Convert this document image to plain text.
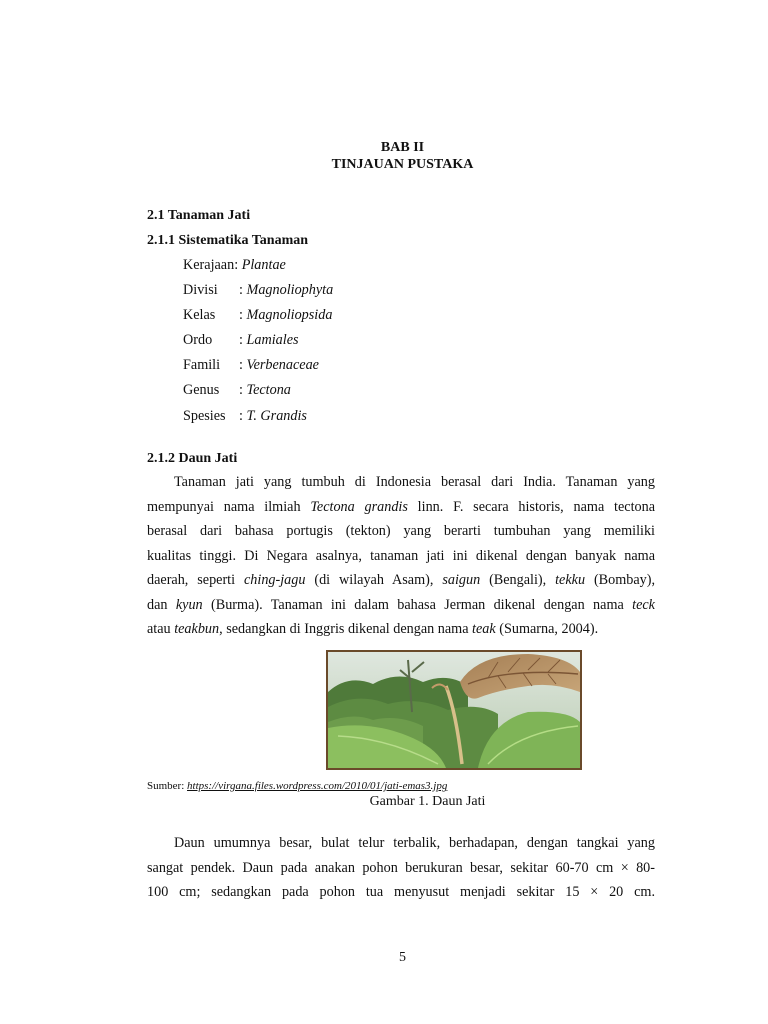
BAB II
TINJAUAN PUSTAKA
2.1 Tanaman Jati
2.1.1 Sistematika Tanaman
Kerajaan: Plantae
Divisi : Magnoliophyta
Kelas : Magnoliopsida
Ordo : Lamiales
Famili : Verbenaceae
Genus : Tectona
Spesies : T. Grandis
2.1.2 Daun Jati
Tanaman jati yang tumbuh di Indonesia berasal dari India. Tanaman yang
mempunyai nama ilmiah Tectona grandis linn. F. secara historis, nama tectona
berasal dari bahasa portugis (tekton) yang berarti tumbuhan yang memiliki
kualitas tinggi. Di Negara asalnya, tanaman jati ini dikenal dengan banyak nama
daerah, seperti ching-jagu (di wilayah Asam), saigun (Bengali), tekku (Bombay),
dan kyun (Burma). Tanaman ini dalam bahasa Jerman dikenal dengan nama teck
atau teakbun, sedangkan di Inggris dikenal dengan nama teak (Sumarna, 2004).
Sumber: https://virgana.files.wordpress.com/2010/01/jati-emas3.jpg
Gambar 1. Daun Jati
Daun umumnya besar, bulat telur terbalik, berhadapan, dengan tangkai yang
sangat pendek. Daun pada anakan pohon berukuran besar, sekitar 60-70 cm × 80-
100 cm; sedangkan pada pohon tua menyusut menjadi sekitar 15 × 20 cm.
5
